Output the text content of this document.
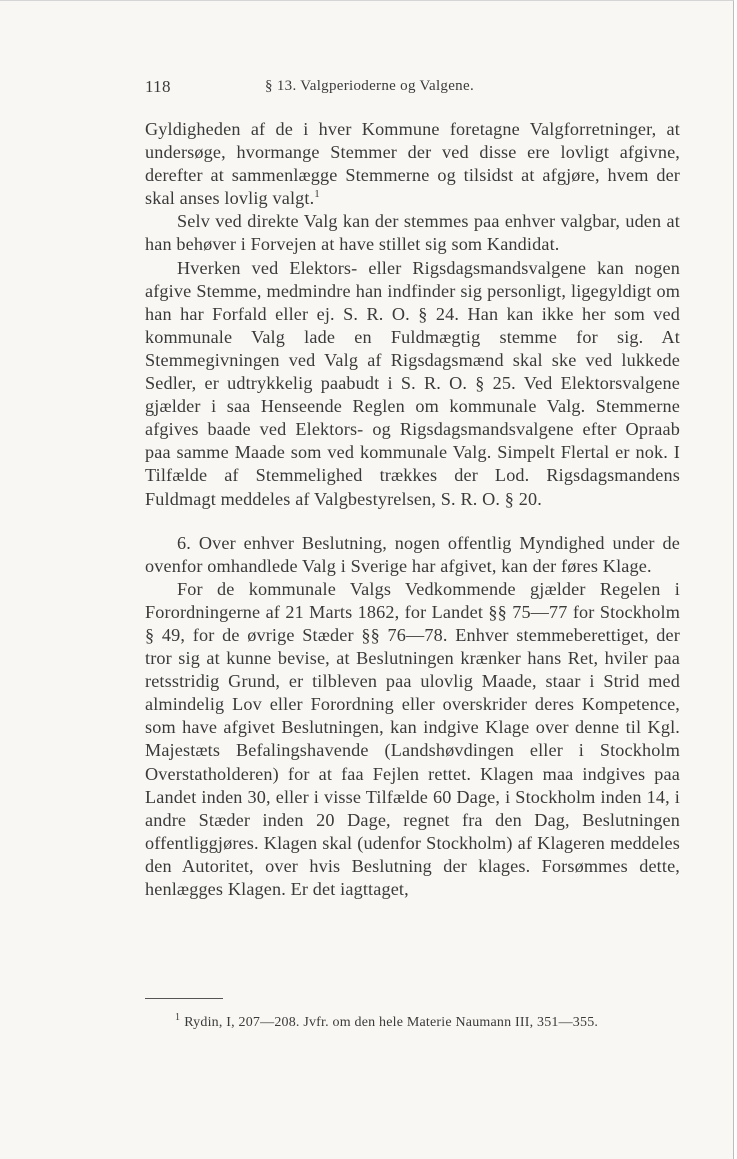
118	§ 13. Valgperioderne og Valgene.

Gyldigheden af de i hver Kommune foretagne Valgforretninger, at undersøge, hvormange Stemmer der ved disse ere lovligt afgivne, derefter at sammenlægge Stemmerne og tilsidst at afgjøre, hvem der skal anses lovlig valgt.$^1$

Selv ved direkte Valg kan der stemmes paa enhver valgbar, uden at han behøver i Forvejen at have stillet sig som Kandidat.

Hverken ved Elektors- eller Rigsdagsmandsvalgene kan nogen afgive Stemme, medmindre han indfinder sig personligt, ligegyldigt om han har Forfald eller ej. S. R. O. § 24. Han kan ikke her som ved kommunale Valg lade en Fuldmægtig stemme for sig. At Stemmegivningen ved Valg af Rigsdagsmænd skal ske ved lukkede Sedler, er udtrykkelig paabudt i S. R. O. § 25. Ved Elektorsvalgene gjælder i saa Henseende Reglen om kommunale Valg. Stemmerne afgives baade ved Elektors- og Rigsdagsmandsvalgene efter Opraab paa samme Maade som ved kommunale Valg. Simpelt Flertal er nok. I Tilfælde af Stemmelighed trækkes der Lod. Rigsdagsmandens Fuldmagt meddeles af Valgbestyrelsen, S. R. O. § 20.

6. Over enhver Beslutning, nogen offentlig Myndighed under de ovenfor omhandlede Valg i Sverige har afgivet, kan der føres Klage.

For de kommunale Valgs Vedkommende gjælder Regelen i Forordningerne af 21 Marts 1862, for Landet §§ 75—77 for Stockholm § 49, for de øvrige Stæder §§ 76—78. Enhver stemmeberettiget, der tror sig at kunne bevise, at Beslutningen krænker hans Ret, hviler paa retsstridig Grund, er tilbleven paa ulovlig Maade, staar i Strid med almindelig Lov eller Forordning eller overskrider deres Kompetence, som have afgivet Beslutningen, kan indgive Klage over denne til Kgl. Majestæts Befalingshavende (Landshøvdingen eller i Stockholm Overstatholderen) for at faa Fejlen rettet. Klagen maa indgives paa Landet inden 30, eller i visse Tilfælde 60 Dage, i Stockholm inden 14, i andre Stæder inden 20 Dage, regnet fra den Dag, Beslutningen offentliggjøres. Klagen skal (udenfor Stockholm) af Klageren meddeles den Autoritet, over hvis Beslutning der klages. Forsømmes dette, henlægges Klagen. Er det iagttaget,

$^1$ Rydin, I, 207—208. Jvfr. om den hele Materie Naumann III, 351—355.
